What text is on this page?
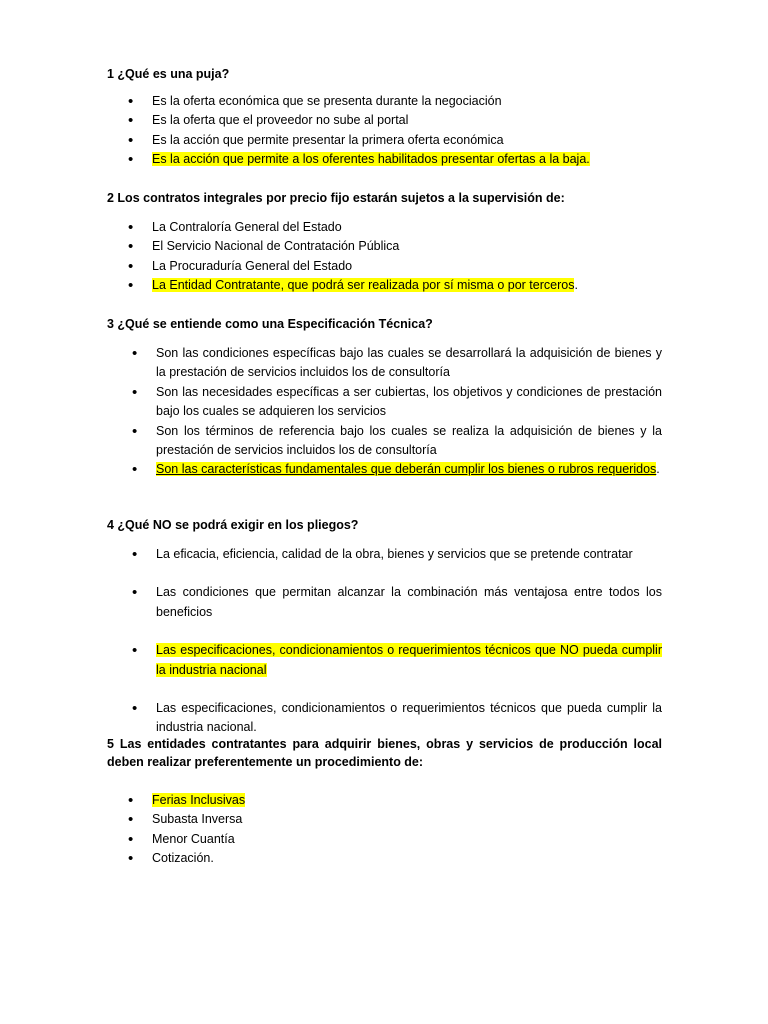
1 ¿Qué es una puja?

• Es la oferta económica que se presenta durante la negociación
• Es la oferta que el proveedor no sube al portal
• Es la acción que permite presentar la primera oferta económica
• Es la acción que permite a los oferentes habilitados presentar ofertas a la baja.

2 Los contratos integrales por precio fijo estarán sujetos a la supervisión de:

• La Contraloría General del Estado
• El Servicio Nacional de Contratación Pública
• La Procuraduría General del Estado
• La Entidad Contratante, que podrá ser realizada por sí misma o por terceros.

3 ¿Qué se entiende como una Especificación Técnica?

• Son las condiciones específicas bajo las cuales se desarrollará la adquisición de bienes y la prestación de servicios incluidos los de consultoría
• Son las necesidades específicas a ser cubiertas, los objetivos y condiciones de prestación bajo los cuales se adquieren los servicios
• Son los términos de referencia bajo los cuales se realiza la adquisición de bienes y la prestación de servicios incluidos los de consultoría
• Son las características fundamentales que deberán cumplir los bienes o rubros requeridos.

4 ¿Qué NO se podrá exigir en los pliegos?

• La eficacia, eficiencia, calidad de la obra, bienes y servicios que se pretende contratar
• Las condiciones que permitan alcanzar la combinación más ventajosa entre todos los beneficios
• Las especificaciones, condicionamientos o requerimientos técnicos que NO pueda cumplir la industria nacional
• Las especificaciones, condicionamientos o requerimientos técnicos que pueda cumplir la industria nacional.

5 Las entidades contratantes para adquirir bienes, obras y servicios de producción local deben realizar preferentemente un procedimiento de:

• Ferias Inclusivas
• Subasta Inversa
• Menor Cuantía
• Cotización.
